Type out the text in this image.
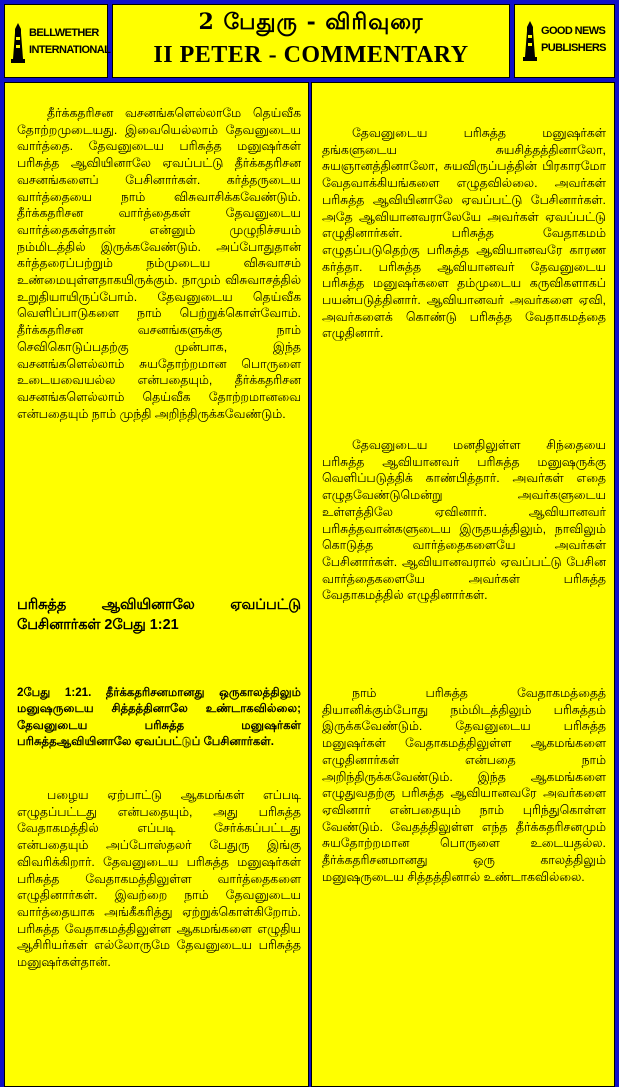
BELLWETHER
INTERNATIONAL
2 பேதுரு - விரிவுரை
II PETER - COMMENTARY
GOOD NEWS
PUBLISHERS

தீர்க்கதரிசன வசனங்களெல்லாமே தெய்வீக தோற்றமுடையது. இவையெல்லாம் தேவனுடைய வார்த்தை. தேவனுடைய பரிசுத்த மனுஷர்கள் பரிசுத்த ஆவியினாலே ஏவப்பட்டு தீர்க்கதரிசன வசனங்களைப் பேசினார்கள். கர்த்தருடைய வார்த்தையை நாம் விசுவாசிக்கவேண்டும். தீர்க்கதரிசன வார்த்தைகள் தேவனுடைய வார்த்தைகள்தான் என்னும் முழுநிச்சயம் நம்மிடத்தில் இருக்கவேண்டும். அப்போதுதான் கர்த்தரைப்பற்றும் நம்முடைய விசுவாசம் உண்மையுள்ளதாகயிருக்கும். நாமும் விசுவாசத்தில் உறுதியாயிருப்போம். தேவனுடைய தெய்வீக வெளிப்பாடுகளை நாம் பெற்றுக்கொள்வோம். தீர்க்கதரிசன வசனங்களுக்கு நாம் செவிகொடுப்பதற்கு முன்பாக, இந்த வசனங்களெல்லாம் சுயதோற்றமான பொருளை உடையவையல்ல என்பதையும், தீர்க்கதரிசன வசனங்களெல்லாம் தெய்வீக தோற்றமானவை என்பதையும் நாம் முந்தி அறிந்திருக்கவேண்டும்.

பரிசுத்த ஆவியினாலே ஏவப்பட்டு பேசினார்கள் 2பேது 1:21

2பேது 1:21. தீர்க்கதரிசனமானது ஒருகாலத்திலும் மனுஷருடைய சித்தத்தினாலே உண்டாகவில்லை; தேவனுடைய பரிசுத்த மனுஷர்கள் பரிசுத்தஆவியினாலே ஏவப்பட்டுப் பேசினார்கள்.

பழைய ஏற்பாட்டு ஆகமங்கள் எப்படி எழுதப்பட்டது என்பதையும், அது பரிசுத்த வேதாகமத்தில் எப்படி சேர்க்கப்பட்டது என்பதையும் அப்போஸ்தலர் பேதுரு இங்கு விவரிக்கிறார். தேவனுடைய பரிசுத்த மனுஷர்கள் பரிசுத்த வேதாகமத்திலுள்ள வார்த்தைகளை எழுதினார்கள். இவற்றை நாம் தேவனுடைய வார்த்தையாக அங்கீகரித்து ஏற்றுக்கொள்கிறோம். பரிசுத்த வேதாகமத்திலுள்ள ஆகமங்களை எழுதிய ஆசிரியர்கள் எல்லோருமே தேவனுடைய பரிசுத்த மனுஷர்கள்தான்.

தேவனுடைய பரிசுத்த மனுஷர்கள் தங்களுடைய சுயசித்தத்தினாலோ, சுயஞானத்தினாலோ, சுயவிருப்பத்தின் பிரகாரமோ வேதவாக்கியங்களை எழுதவில்லை. அவர்கள் பரிசுத்த ஆவியினாலே ஏவப்பட்டு பேசினார்கள். அதே ஆவியானவராலேயே அவர்கள் ஏவப்பட்டு எழுதினார்கள். பரிசுத்த வேதாகமம் எழுதப்படுதெற்கு பரிசுத்த ஆவியானவரே காரண கர்த்தா. பரிசுத்த ஆவியானவர் தேவனுடைய பரிசுத்த மனுஷர்களை தம்முடைய கருவிகளாகப் பயன்படுத்தினார். ஆவியானவர் அவர்களை ஏவி, அவர்களைக் கொண்டு பரிசுத்த வேதாகமத்தை எழுதினார்.

தேவனுடைய மனதிலுள்ள சிந்தையை பரிசுத்த ஆவியானவர் பரிசுத்த மனுஷருக்கு வெளிப்படுத்திக் காண்பித்தார். அவர்கள் எதை எழுதவேண்டுமென்று அவர்களுடைய உள்ளத்திலே ஏவினார். ஆவியானவர் பரிசுத்தவான்களுடைய இருதயத்திலும், நாவிலும் கொடுத்த வார்த்தைகளையே அவர்கள் பேசினார்கள். ஆவியானவரால் ஏவப்பட்டு பேசின வார்த்தைகளையே அவர்கள் பரிசுத்த வேதாகமத்தில் எழுதினார்கள்.

நாம் பரிசுத்த வேதாகமத்தைத் தியானிக்கும்போது நம்மிடத்திலும் பரிசுத்தம் இருக்கவேண்டும். தேவனுடைய பரிசுத்த மனுஷர்கள் வேதாகமத்திலுள்ள ஆகமங்களை எழுதினார்கள் என்பதை நாம் அறிந்திருக்கவேண்டும். இந்த ஆகமங்களை எழுதுவதற்கு பரிசுத்த ஆவியானவரே அவர்களை ஏவினார் என்பதையும் நாம் புரிந்துகொள்ள வேண்டும். வேதத்திலுள்ள எந்த தீர்க்கதரிசனமும் சுயதோற்றமான பொருளை உடையதல்ல. தீர்க்கதரிசனமானது ஒரு காலத்திலும் மனுஷருடைய சித்தத்தினால் உண்டாகவில்லை.
